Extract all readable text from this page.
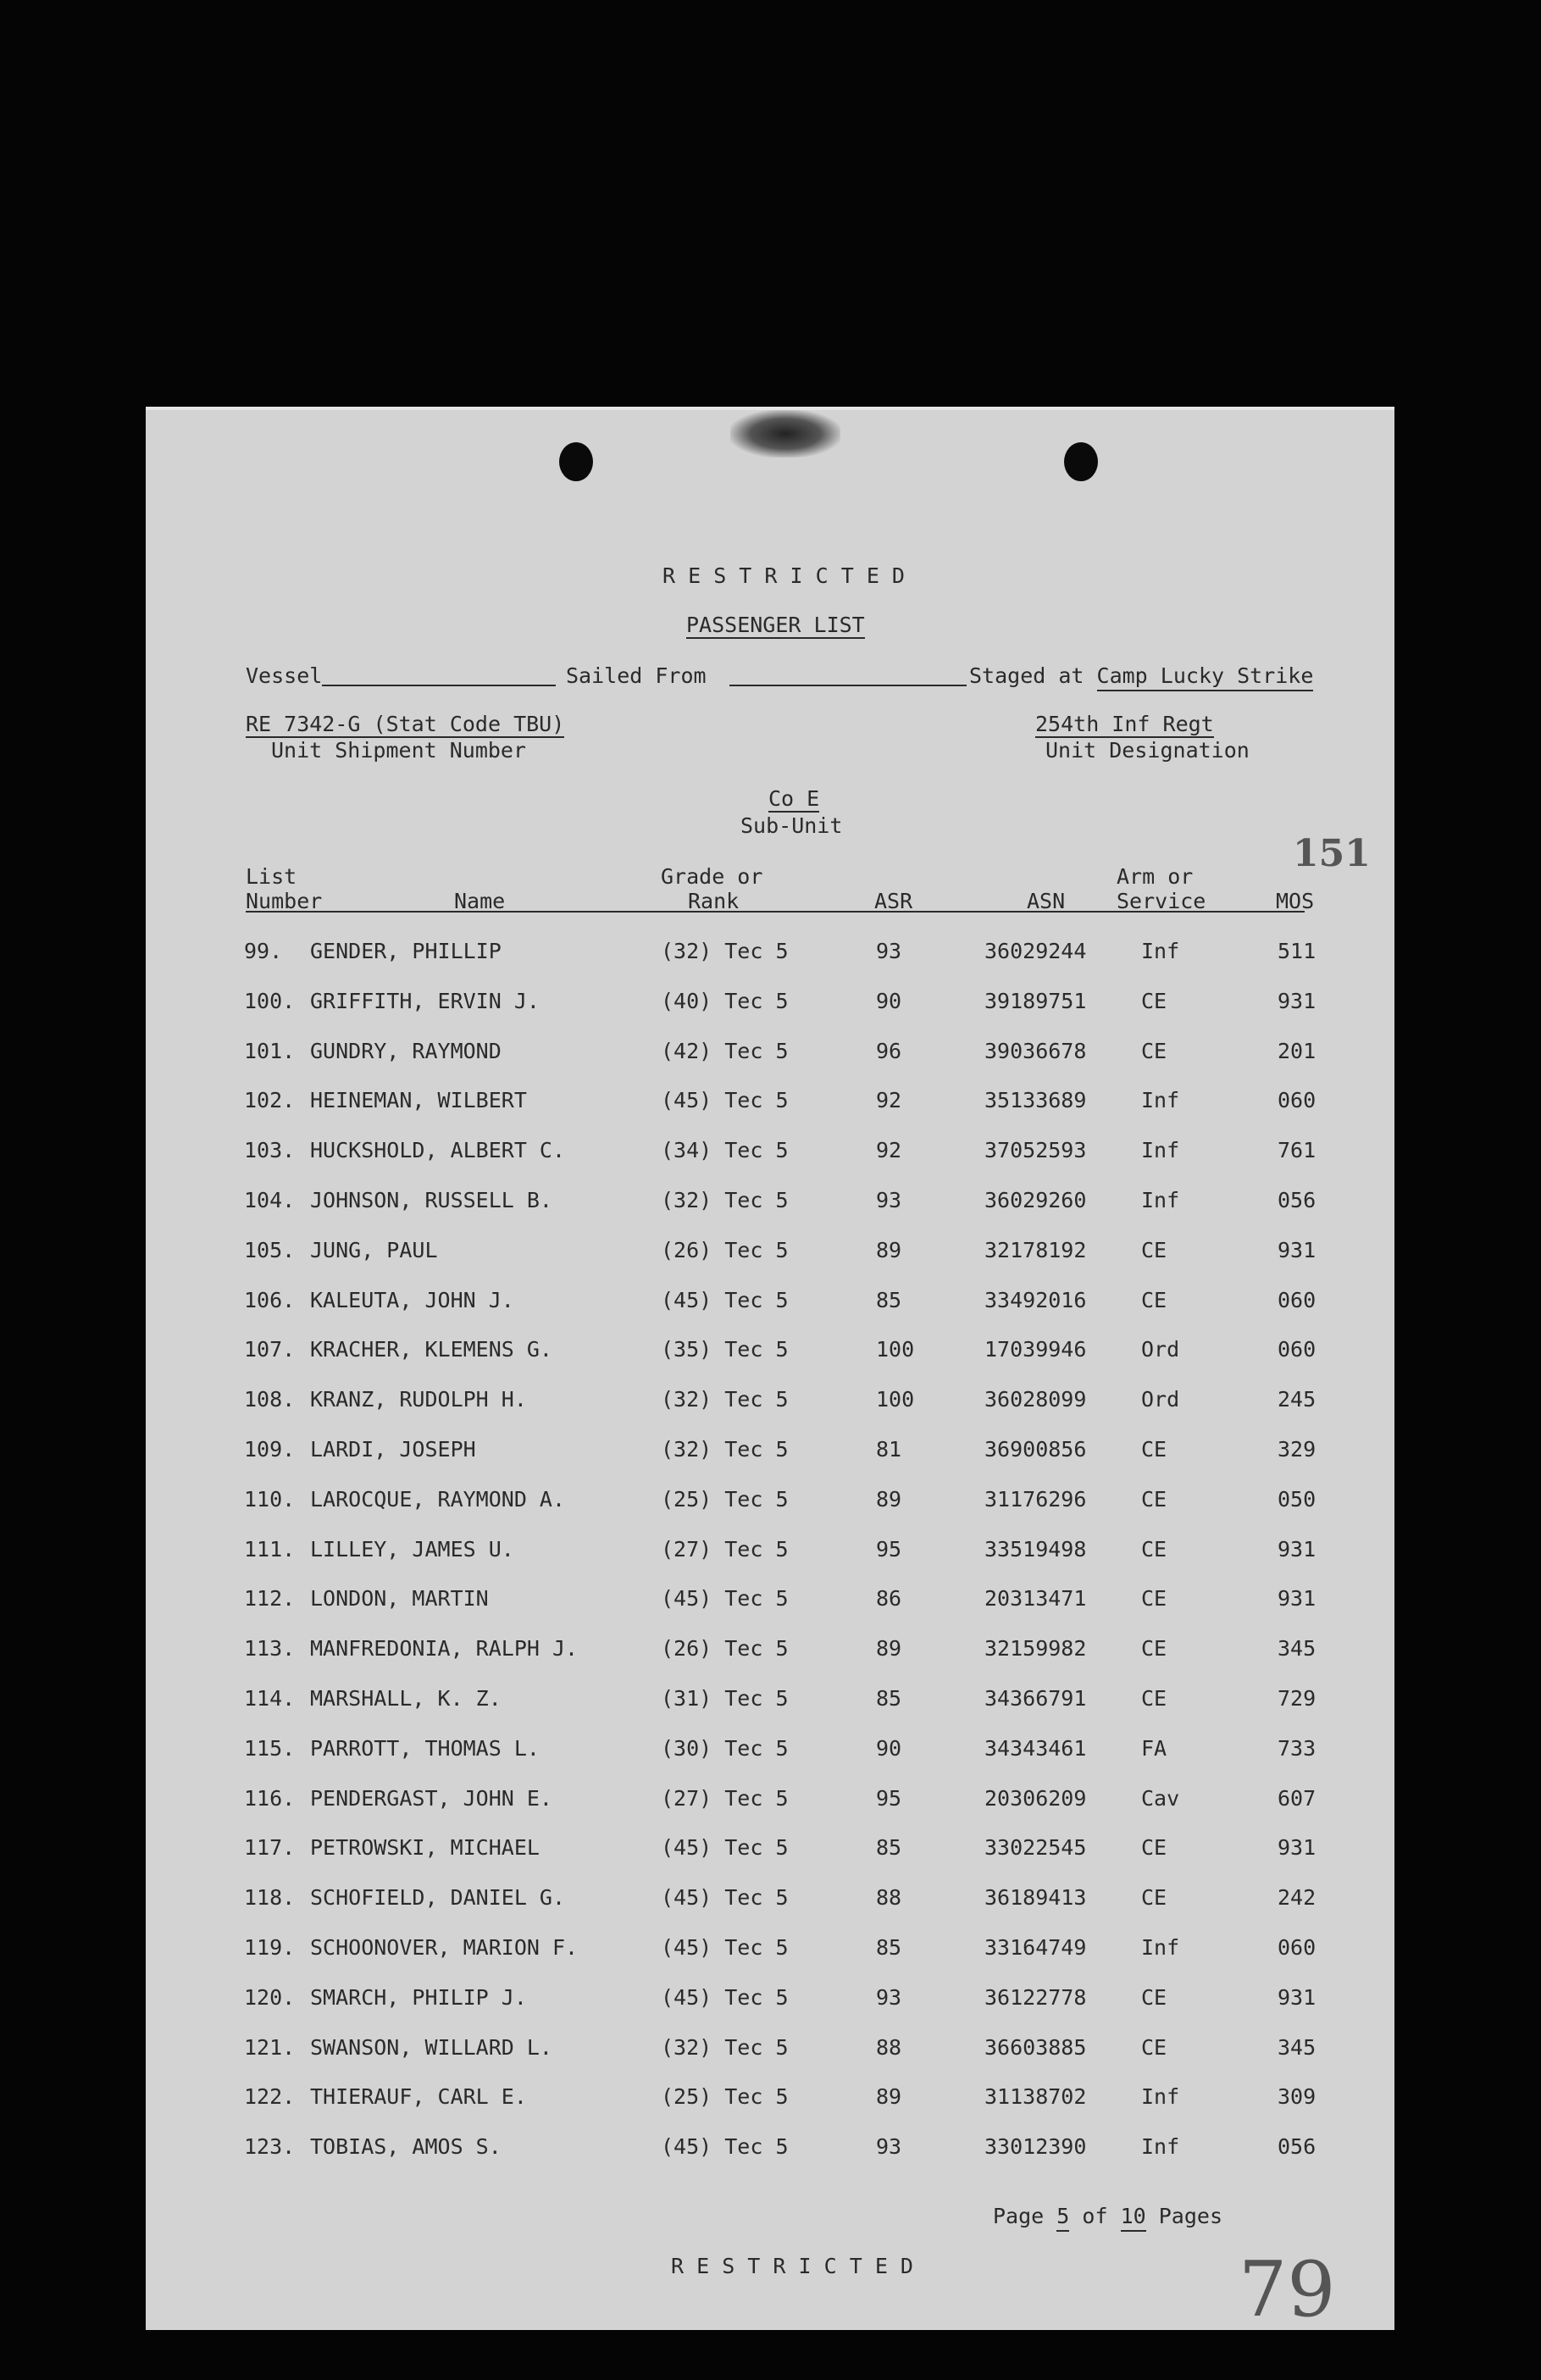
R E S T R I C T E D
PASSENGER LIST
Vessel	Sailed From	Staged at Camp Lucky Strike
RE 7342-G (Stat Code TBU)
Unit Shipment Number
254th Inf Regt
Unit Designation
Co E
Sub-Unit
151
List
Number	Name
Grade or
Rank	ASR	ASN
Arm or
Service	MOS
99. GENDER, PHILLIP	(32) Tec 5	93	36029244	Inf	511
100. GRIFFITH, ERVIN J.	(40) Tec 5	90	39189751	CE	931
101. GUNDRY, RAYMOND	(42) Tec 5	96	39036678	CE	201
102. HEINEMAN, WILBERT	(45) Tec 5	92	35133689	Inf	060
103. HUCKSHOLD, ALBERT C.	(34) Tec 5	92	37052593	Inf	761
104. JOHNSON, RUSSELL B.	(32) Tec 5	93	36029260	Inf	056
105. JUNG, PAUL	(26) Tec 5	89	32178192	CE	931
106. KALEUTA, JOHN J.	(45) Tec 5	85	33492016	CE	060
107. KRACHER, KLEMENS G.	(35) Tec 5	100	17039946	Ord	060
108. KRANZ, RUDOLPH H.	(32) Tec 5	100	36028099	Ord	245
109. LARDI, JOSEPH	(32) Tec 5	81	36900856	CE	329
110. LAROCQUE, RAYMOND A.	(25) Tec 5	89	31176296	CE	050
111. LILLEY, JAMES U.	(27) Tec 5	95	33519498	CE	931
112. LONDON, MARTIN	(45) Tec 5	86	20313471	CE	931
113. MANFREDONIA, RALPH J.	(26) Tec 5	89	32159982	CE	345
114. MARSHALL, K. Z.	(31) Tec 5	85	34366791	CE	729
115. PARROTT, THOMAS L.	(30) Tec 5	90	34343461	FA	733
116. PENDERGAST, JOHN E.	(27) Tec 5	95	20306209	Cav	607
117. PETROWSKI, MICHAEL	(45) Tec 5	85	33022545	CE	931
118. SCHOFIELD, DANIEL G.	(45) Tec 5	88	36189413	CE	242
119. SCHOONOVER, MARION F.	(45) Tec 5	85	33164749	Inf	060
120. SMARCH, PHILIP J.	(45) Tec 5	93	36122778	CE	931
121. SWANSON, WILLARD L.	(32) Tec 5	88	36603885	CE	345
122. THIERAUF, CARL E.	(25) Tec 5	89	31138702	Inf	309
123. TOBIAS, AMOS S.	(45) Tec 5	93	33012390	Inf	056
Page 5 of 10 Pages
R E S T R I C T E D	79
